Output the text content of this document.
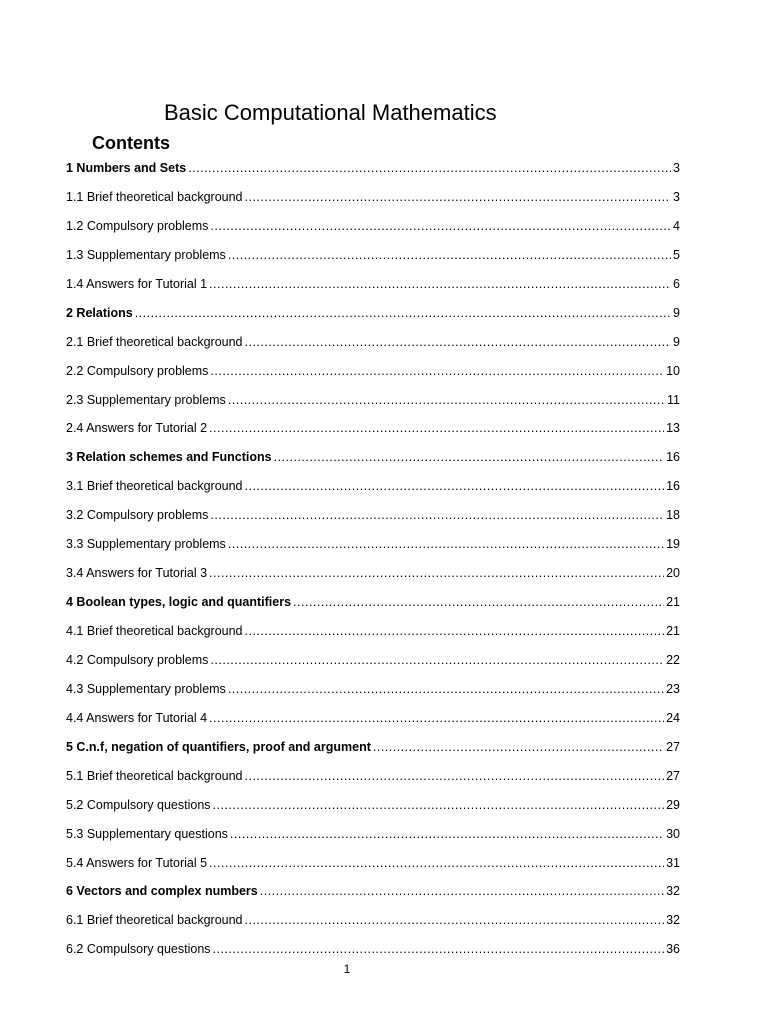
Basic Computational Mathematics
Contents
1 Numbers and Sets .....	3
1.1 Brief theoretical background .....	3
1.2 Compulsory problems .....	4
1.3 Supplementary problems .....	5
1.4 Answers for Tutorial 1 .....	6
2 Relations .....	9
2.1 Brief theoretical background .....	9
2.2 Compulsory problems .....	10
2.3 Supplementary problems .....	11
2.4 Answers for Tutorial 2 .....	13
3 Relation schemes and Functions .....	16
3.1 Brief theoretical background .....	16
3.2 Compulsory problems .....	18
3.3 Supplementary problems .....	19
3.4 Answers for Tutorial 3 .....	20
4 Boolean types, logic and quantifiers .....	21
4.1 Brief theoretical background .....	21
4.2 Compulsory problems .....	22
4.3 Supplementary problems .....	23
4.4 Answers for Tutorial 4 .....	24
5 C.n.f, negation of quantifiers, proof and argument .....	27
5.1 Brief theoretical background .....	27
5.2 Compulsory questions .....	29
5.3 Supplementary questions .....	30
5.4 Answers for Tutorial 5 .....	31
6 Vectors and complex numbers .....	32
6.1 Brief theoretical background .....	32
6.2 Compulsory questions .....	36
1
